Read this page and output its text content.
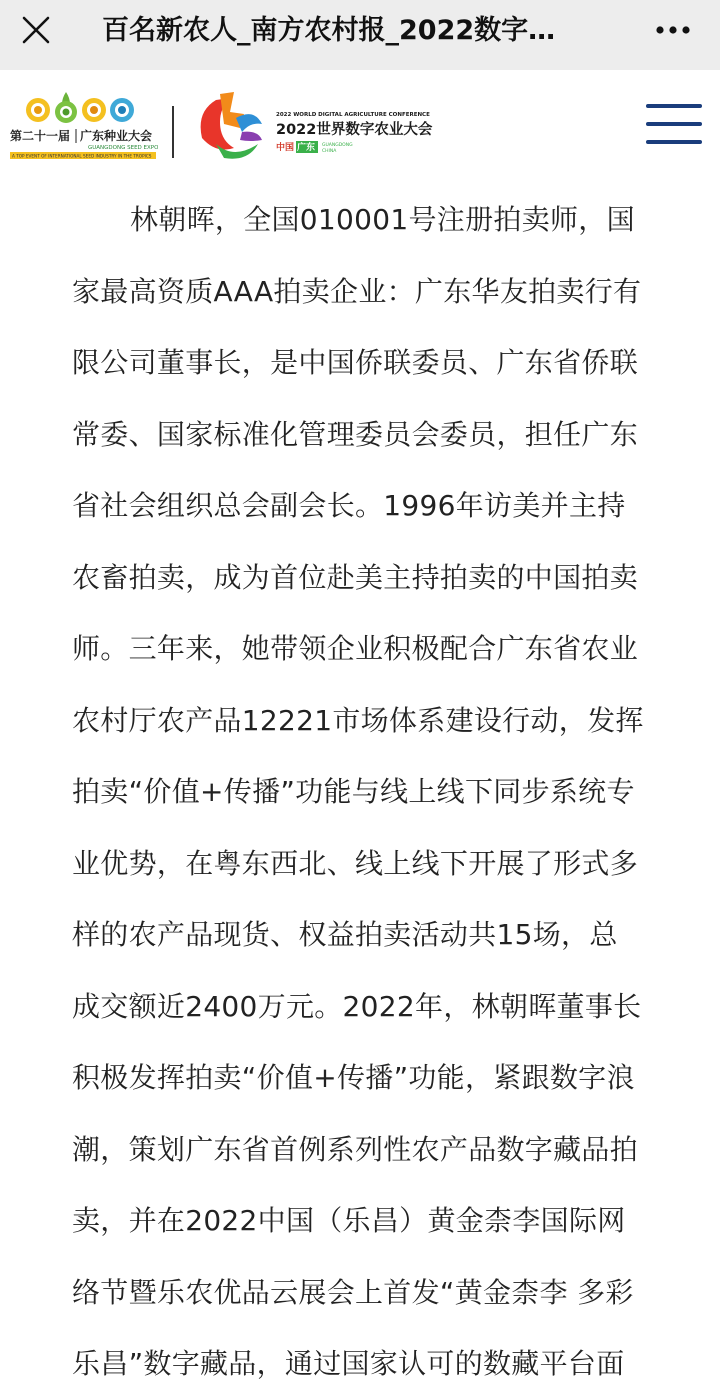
百名新农人_南方农村报_2022数字…
第二十一届 广东种业大会
GUANGDONG SEED EXPO
A TOP EVENT OF INTERNATIONAL SEED INDUSTRY IN THE TROPICS
2022 WORLD DIGITAL AGRICULTURE CONFERENCE
2022世界数字农业大会
中国 广东 GUANGDONG
CHINA
林朝晖，全国010001号注册拍卖师，国
家最高资质AAA拍卖企业：广东华友拍卖行有
限公司董事长，是中国侨联委员、广东省侨联
常委、国家标准化管理委员会委员，担任广东
省社会组织总会副会长。1996年访美并主持
农畜拍卖，成为首位赴美主持拍卖的中国拍卖
师。三年来，她带领企业积极配合广东省农业
农村厅农产品12221市场体系建设行动，发挥
拍卖“价值+传播”功能与线上线下同步系统专
业优势，在粤东西北、线上线下开展了形式多
样的农产品现货、权益拍卖活动共15场，总
成交额近2400万元。2022年，林朝晖董事长
积极发挥拍卖“价值+传播”功能，紧跟数字浪
潮，策划广东省首例系列性农产品数字藏品拍
卖，并在2022中国（乐昌）黄金柰李国际网
络节暨乐农优品云展会上首发“黄金柰李 多彩
乐昌”数字藏品，通过国家认可的数藏平台面
